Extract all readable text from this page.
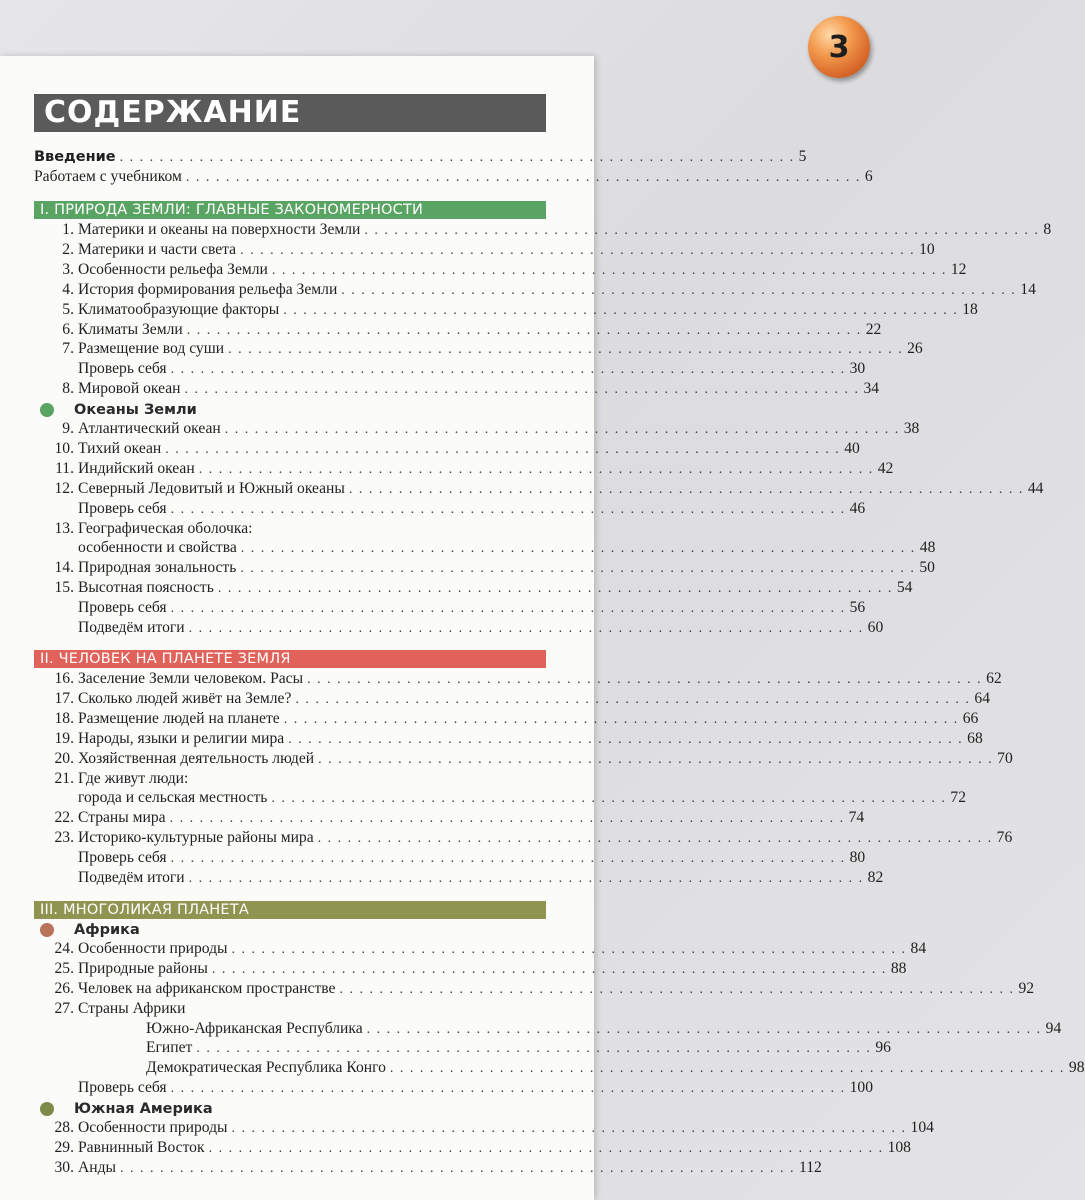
3
СОДЕРЖАНИЕ
Введение . . . . . . . . . . . . . . . . . . . . . . . . . . . . . . . . . . . . . . . . . . . . . . . . . . . . . . . . . . . . . . . . . . . . 5
Работаем с учебником . . . . . . . . . . . . . . . . . . . . . . . . . . . . . . . . . . . . . . . . . . . . . . . . . . . . . . . . . . . . . . . . . . . . 6
I. ПРИРОДА ЗЕМЛИ: ГЛАВНЫЕ ЗАКОНОМЕРНОСТИ
1. Материки и океаны на поверхности Земли . . . . . . . . . . . . . . . . . . . . . . . . . . . . . . . . . . . . . . . . . . . . . . . . . . . . . . . . . . . . . . . . . . . . 8
2. Материки и части света . . . . . . . . . . . . . . . . . . . . . . . . . . . . . . . . . . . . . . . . . . . . . . . . . . . . . . . . . . . . . . . . . . . . 10
3. Особенности рельефа Земли . . . . . . . . . . . . . . . . . . . . . . . . . . . . . . . . . . . . . . . . . . . . . . . . . . . . . . . . . . . . . . . . . . . . 12
4. История формирования рельефа Земли . . . . . . . . . . . . . . . . . . . . . . . . . . . . . . . . . . . . . . . . . . . . . . . . . . . . . . . . . . . . . . . . . . . . 14
5. Климатообразующие факторы . . . . . . . . . . . . . . . . . . . . . . . . . . . . . . . . . . . . . . . . . . . . . . . . . . . . . . . . . . . . . . . . . . . . 18
6. Климаты Земли . . . . . . . . . . . . . . . . . . . . . . . . . . . . . . . . . . . . . . . . . . . . . . . . . . . . . . . . . . . . . . . . . . . . 22
7. Размещение вод суши . . . . . . . . . . . . . . . . . . . . . . . . . . . . . . . . . . . . . . . . . . . . . . . . . . . . . . . . . . . . . . . . . . . . 26
Проверь себя . . . . . . . . . . . . . . . . . . . . . . . . . . . . . . . . . . . . . . . . . . . . . . . . . . . . . . . . . . . . . . . . . . . . 30
8. Мировой океан . . . . . . . . . . . . . . . . . . . . . . . . . . . . . . . . . . . . . . . . . . . . . . . . . . . . . . . . . . . . . . . . . . . . 34
Океаны Земли
9. Атлантический океан . . . . . . . . . . . . . . . . . . . . . . . . . . . . . . . . . . . . . . . . . . . . . . . . . . . . . . . . . . . . . . . . . . . . 38
10. Тихий океан . . . . . . . . . . . . . . . . . . . . . . . . . . . . . . . . . . . . . . . . . . . . . . . . . . . . . . . . . . . . . . . . . . . . 40
11. Индийский океан . . . . . . . . . . . . . . . . . . . . . . . . . . . . . . . . . . . . . . . . . . . . . . . . . . . . . . . . . . . . . . . . . . . . 42
12. Северный Ледовитый и Южный океаны . . . . . . . . . . . . . . . . . . . . . . . . . . . . . . . . . . . . . . . . . . . . . . . . . . . . . . . . . . . . . . . . . . . . 44
Проверь себя . . . . . . . . . . . . . . . . . . . . . . . . . . . . . . . . . . . . . . . . . . . . . . . . . . . . . . . . . . . . . . . . . . . . 46
13. Географическая оболочка:
особенности и свойства . . . . . . . . . . . . . . . . . . . . . . . . . . . . . . . . . . . . . . . . . . . . . . . . . . . . . . . . . . . . . . . . . . . . 48
14. Природная зональность . . . . . . . . . . . . . . . . . . . . . . . . . . . . . . . . . . . . . . . . . . . . . . . . . . . . . . . . . . . . . . . . . . . . 50
15. Высотная поясность . . . . . . . . . . . . . . . . . . . . . . . . . . . . . . . . . . . . . . . . . . . . . . . . . . . . . . . . . . . . . . . . . . . . 54
Проверь себя . . . . . . . . . . . . . . . . . . . . . . . . . . . . . . . . . . . . . . . . . . . . . . . . . . . . . . . . . . . . . . . . . . . . 56
Подведём итоги . . . . . . . . . . . . . . . . . . . . . . . . . . . . . . . . . . . . . . . . . . . . . . . . . . . . . . . . . . . . . . . . . . . . 60
II. ЧЕЛОВЕК НА ПЛАНЕТЕ ЗЕМЛЯ
16. Заселение Земли человеком. Расы . . . . . . . . . . . . . . . . . . . . . . . . . . . . . . . . . . . . . . . . . . . . . . . . . . . . . . . . . . . . . . . . . . . . 62
17. Сколько людей живёт на Земле? . . . . . . . . . . . . . . . . . . . . . . . . . . . . . . . . . . . . . . . . . . . . . . . . . . . . . . . . . . . . . . . . . . . . 64
18. Размещение людей на планете . . . . . . . . . . . . . . . . . . . . . . . . . . . . . . . . . . . . . . . . . . . . . . . . . . . . . . . . . . . . . . . . . . . . 66
19. Народы, языки и религии мира . . . . . . . . . . . . . . . . . . . . . . . . . . . . . . . . . . . . . . . . . . . . . . . . . . . . . . . . . . . . . . . . . . . . 68
20. Хозяйственная деятельность людей . . . . . . . . . . . . . . . . . . . . . . . . . . . . . . . . . . . . . . . . . . . . . . . . . . . . . . . . . . . . . . . . . . . . 70
21. Где живут люди:
города и сельская местность . . . . . . . . . . . . . . . . . . . . . . . . . . . . . . . . . . . . . . . . . . . . . . . . . . . . . . . . . . . . . . . . . . . . 72
22. Страны мира . . . . . . . . . . . . . . . . . . . . . . . . . . . . . . . . . . . . . . . . . . . . . . . . . . . . . . . . . . . . . . . . . . . . 74
23. Историко-культурные районы мира . . . . . . . . . . . . . . . . . . . . . . . . . . . . . . . . . . . . . . . . . . . . . . . . . . . . . . . . . . . . . . . . . . . . 76
Проверь себя . . . . . . . . . . . . . . . . . . . . . . . . . . . . . . . . . . . . . . . . . . . . . . . . . . . . . . . . . . . . . . . . . . . . 80
Подведём итоги . . . . . . . . . . . . . . . . . . . . . . . . . . . . . . . . . . . . . . . . . . . . . . . . . . . . . . . . . . . . . . . . . . . . 82
III. МНОГОЛИКАЯ ПЛАНЕТА
Африка
24. Особенности природы . . . . . . . . . . . . . . . . . . . . . . . . . . . . . . . . . . . . . . . . . . . . . . . . . . . . . . . . . . . . . . . . . . . . 84
25. Природные районы . . . . . . . . . . . . . . . . . . . . . . . . . . . . . . . . . . . . . . . . . . . . . . . . . . . . . . . . . . . . . . . . . . . . 88
26. Человек на африканском пространстве . . . . . . . . . . . . . . . . . . . . . . . . . . . . . . . . . . . . . . . . . . . . . . . . . . . . . . . . . . . . . . . . . . . . 92
27. Страны Африки
Южно-Африканская Республика . . . . . . . . . . . . . . . . . . . . . . . . . . . . . . . . . . . . . . . . . . . . . . . . . . . . . . . . . . . . . . . . . . . . 94
Египет . . . . . . . . . . . . . . . . . . . . . . . . . . . . . . . . . . . . . . . . . . . . . . . . . . . . . . . . . . . . . . . . . . . . 96
Демократическая Республика Конго . . . . . . . . . . . . . . . . . . . . . . . . . . . . . . . . . . . . . . . . . . . . . . . . . . . . . . . . . . . . . . . . . . . . 98
Проверь себя . . . . . . . . . . . . . . . . . . . . . . . . . . . . . . . . . . . . . . . . . . . . . . . . . . . . . . . . . . . . . . . . . . . . 100
Южная Америка
28. Особенности природы . . . . . . . . . . . . . . . . . . . . . . . . . . . . . . . . . . . . . . . . . . . . . . . . . . . . . . . . . . . . . . . . . . . . 104
29. Равнинный Восток . . . . . . . . . . . . . . . . . . . . . . . . . . . . . . . . . . . . . . . . . . . . . . . . . . . . . . . . . . . . . . . . . . . . 108
30. Анды . . . . . . . . . . . . . . . . . . . . . . . . . . . . . . . . . . . . . . . . . . . . . . . . . . . . . . . . . . . . . . . . . . . . 112
